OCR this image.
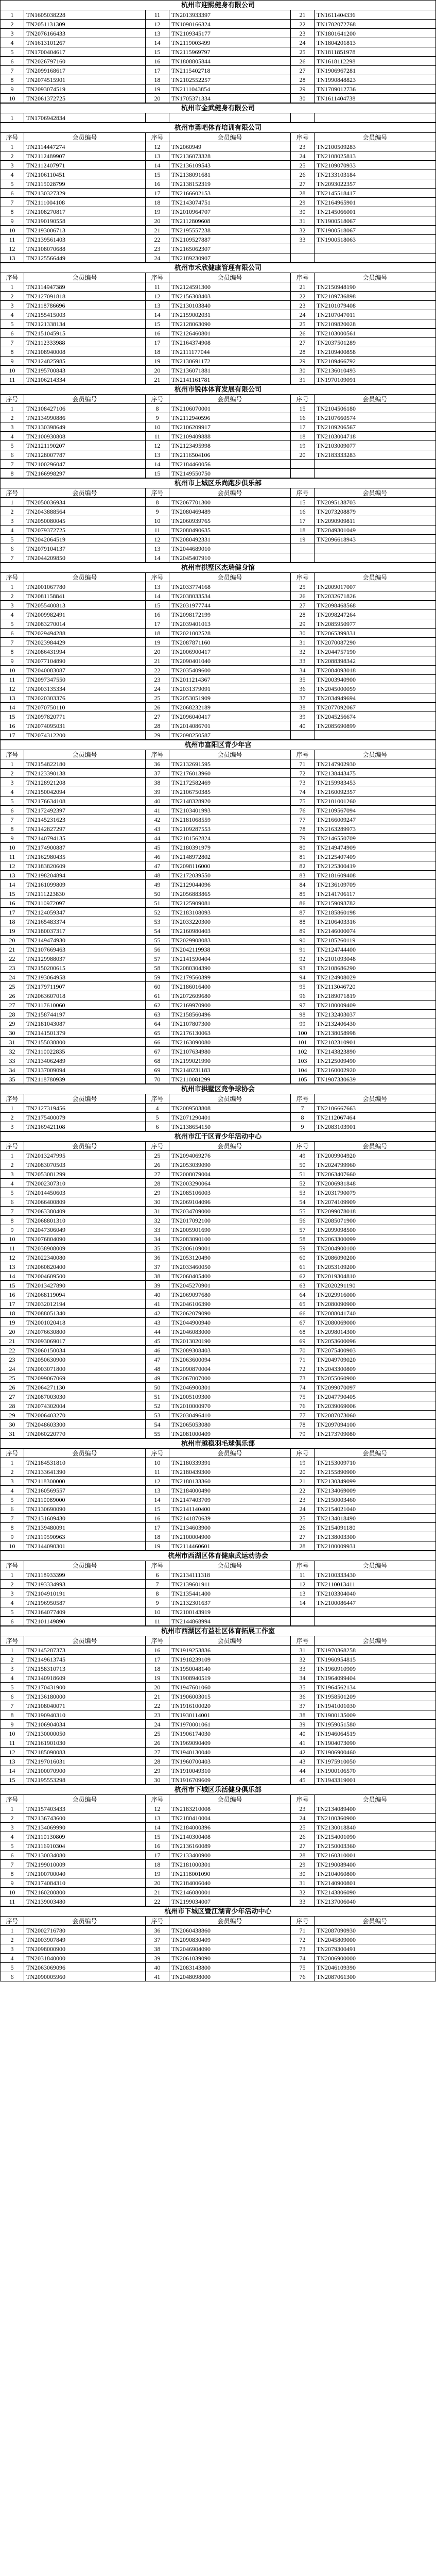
杭州市迎熙健身有限公司					
1	TN1605038228	11	TN2013933397	21	TN1611404336
2	TN2051131309	12	TN1090166324	22	TN1702072768
3	TN2076166433	13	TN2109345177	23	TN1801641200
4	TN1613101267	14	TN2119003499	24	TN1804201813
5	TN1700404617	15	TN2115969797	25	TN1811851978
6	TN2026797160	16	TN1808805844	26	TN1618112298
7	TN2099168617	17	TN2115402718	27	TN1906967281
8	TN2074515901	18	TN2102552257	28	TN1990848823
9	TN2093074519	19	TN2111043854	29	TN1709012736
10	TN2061372725	20	TN1705371334	30	TN1611404738
杭州市金武健身有限公司
1	TN1706942834				
杭州市勇吧体育培训有限公司					
序号	会员编号	序号	会员编号	序号	会员编号
1	TN2114447274	12	TN2060949	23	TN2100509283
2	TN2112489907	13	TN2136073328	24	TN2108025813
3	TN2112407971	14	TN2136109543	25	TN2109070933
4	TN2106110451	15	TN2138091681	26	TN2133103184
5	TN2115028799	16	TN2138152319	27	TN2093022357
6	TN2130327329	17	TN2166602153	28	TN2145518417
7	TN2111004108	18	TN2143074751	29	TN2164965901
8	TN2108270817	19	TN2010964707	30	TN2145066001
9	TN2190190558	20	TN2112809608	31	TN1900518067
10	TN2193006713	21	TN2195557238	32	TN1900518067
11	TN2139561403	22	TN2109527887	33	TN1900518063
12	TN2108070688	23	TN2165062307		
13	TN2125566449	24	TN2189230907		
杭州市禾欣健康管理有限公司					
序号	会员编号	序号	会员编号	序号	会员编号
1	TN2114947389	11	TN2124591300	21	TN2150948190
2	TN2127091818	12	TN2156308403	22	TN2109736898
3	TN2118786696	13	TN2130103840	23	TN2101079408
4	TN2155415003	14	TN2159002031	24	TN2107047011
5	TN2121338134	15	TN2128063090	25	TN2109820028
6	TN2151045915	16	TN2126460801	26	TN2103000561
7	TN2112333988	17	TN2164374908	27	TN2037501289
8	TN2108940008	18	TN2111177044	28	TN2109400858
9	TN2124825985	19	TN2130691172	29	TN2109466792
10	TN2195700843	20	TN2136071881	30	TN2136010493
11	TN2106214334	21	TN2141161781	31	TN1970109091
杭州市锐体体育发展有限公司					
序号	会员编号	序号	会员编号	序号	会员编号
1	TN2108427106	8	TN2106070001	15	TN2104506180
2	TN2134990886	9	TN2112940596	16	TN2107660574
3	TN2130398649	10	TN2106209917	17	TN2109206567
4	TN2100930808	11	TN2109409888	18	TN2103004718
5	TN2121190207	12	TN2123495998	19	TN2103009077
6	TN2128007787	13	TN2116504106	20	TN2183333283
7	TN2100296047	14	TN2184460056		
8	TN2166998297	15	TN2149550750		
杭州市上城区乐尚跑步俱乐部					
序号	会员编号	序号	会员编号	序号	会员编号
1	TN2050036934	8	TN2067701300	15	TN2095138703
2	TN2043888564	9	TN2080469489	16	TN2073208879
3	TN2050080045	10	TN2060939765	17	TN2090909811
4	TN2079372725	11	TN2080490635	18	TN2049301049
5	TN2042064519	12	TN2080492331	19	TN2096618943
6	TN2079104137	13	TN2044689010		
7	TN2044209850	14	TN2045407910		
杭州市拱墅区杰瑞健身馆					
序号	会员编号	序号	会员编号	序号	会员编号
1	TN2001067780	13	TN2033774168	25	TN2009017007
2	TN2081158841	14	TN2038033534	26	TN2032671826
3	TN2055400813	15	TN2031977744	27	TN2098468568
4	TN2009982491	16	TN2098172199	28	TN2098247264
5	TN2083270014	17	TN2039401013	29	TN2085950977
6	TN2029494288	18	TN2021002528	30	TN2065399331
7	TN2023984429	19	TN2087871160	31	TN2070087290
8	TN2086431994	20	TN2006900417	32	TN2044757190
9	TN2077104890	21	TN2090401040	33	TN2088398342
10	TN2040083087	22	TN2035409600	34	TN2084093018
11	TN2097347550	23	TN2011214367	35	TN2003940900
12	TN2003135334	24	TN2031379091	36	TN2045000059
13	TN2020303376	25	TN2053051909	37	TN2034949694
14	TN2070750110	26	TN2068232189	38	TN2077092067
15	TN2097820771	27	TN2096040417	39	TN2045256674
16	TN2074095031	28	TN2014086701	40	TN2085690899
17	TN2074312200	29	TN2098250587		
杭州市富阳区青少年宫					
序号	会员编号	序号	会员编号	序号	会员编号
1	TN2154822180	36	TN2132691595	71	TN2147902930
2	TN2123390138	37	TN2176013960	72	TN2138443475
3	TN2128921208	38	TN2172582469	73	TN2159983453
4	TN2150042094	39	TN2106750385	74	TN2160092357
5	TN2176634108	40	TN2148328920	75	TN2101001260
6	TN2172492397	41	TN2103401993	76	TN2109567094
7	TN2145231623	42	TN2181068559	77	TN2166009247
8	TN2142827297	43	TN2109287553	78	TN2163289973
9	TN2140794135	44	TN2181562824	79	TN2146550709
10	TN2174900887	45	TN2180391979	80	TN2149474909
11	TN2162980435	46	TN2148972802	81	TN2125407409
12	TN2183820609	47	TN2098116000	82	TN2125300419
13	TN2198204894	48	TN2172039550	83	TN2181609408
14	TN2161099809	49	TN2129044096	84	TN2136109709
15	TN2111223830	50	TN2056883865	85	TN2141706117
16	TN2110972097	51	TN2125909081	86	TN2159093782
17	TN2124059347	52	TN2183108093	87	TN2185860198
18	TN2165483374	53	TN2033220300	88	TN2106403316
19	TN2180037317	54	TN2160980403	89	TN2146000074
20	TN2149474930	55	TN2029908083	90	TN2185260119
21	TN2107669463	56	TN2042119938	91	TN2124744400
22	TN2129988037	57	TN2141590404	92	TN2101093048
23	TN2150200615	58	TN2080304390	93	TN2108686290
24	TN2193064958	59	TN2179560399	94	TN2124908029
25	TN2179711907	60	TN2186016400	95	TN2113046720
26	TN2063607018	61	TN2072609680	96	TN2189071819
27	TN2117610060	62	TN2169970900	97	TN2180009409
28	TN2158744197	63	TN2158560496	98	TN2132403037
29	TN2181043087	64	TN2107807300	99	TN2132406430
30	TN2141501379	65	TN2176130063	100	TN2138058998
31	TN2155038800	66	TN2163090080	101	TN2102310901
32	TN2110022835	67	TN2107634980	102	TN2143823890
33	TN2134062489	68	TN2199021990	103	TN2125009490
34	TN2137009094	69	TN2140231183	104	TN2160002920
35	TN2118780939	70	TN2110081299	105	TN1907330639
杭州市拱墅区竞争球协会					
序号	会员编号	序号	会员编号	序号	会员编号
1	TN2127319456	4	TN2089503808	7	TN2106667663
2	TN2175400079	5	TN2071290401	8	TN2112067464
3	TN2169421108	6	TN2138654150	9	TN2083103901
杭州市江干区青少年活动中心					
序号	会员编号	序号	会员编号	序号	会员编号
1	TN2013247995	25	TN2094069276	49	TN2009904920
2	TN2083070503	26	TN2053039090	50	TN2024799960
3	TN2053081299	27	TN2008079004	51	TN2063407660
4	TN2002307310	28	TN2003290064	52	TN2006981848
5	TN2014450603	29	TN2085106003	53	TN2031790079
6	TN2066400809	30	TN2069104096	54	TN2074109909
7	TN2063380409	31	TN2034709000	55	TN2099078018
8	TN2068801310	32	TN2017092100	56	TN2085071900
9	TN2047306049	33	TN2005901690	57	TN2099098500
10	TN2076804090	34	TN2083090100	58	TN2063300099
11	TN2038908009	35	TN2006109001	59	TN2004900100
12	TN2022340080	36	TN2053120490	60	TN2086090200
13	TN2060820400	37	TN2033460050	61	TN2053109200
14	TN2004609500	38	TN2060405400	62	TN2019304810
15	TN2013427890	39	TN2045270901	63	TN2020291190
16	TN2068119094	40	TN2069097680	64	TN2029916000
17	TN2032012194	41	TN2046106390	65	TN2080090900
18	TN2088051340	42	TN2062079090	66	TN2088041740
19	TN2001020418	43	TN2044900940	67	TN2080069000
20	TN2076630800	44	TN2046083000	68	TN2098014300
21	TN2093069017	45	TN2013020190	69	TN2053600096
22	TN2060150034	46	TN2089308403	70	TN2075400903
23	TN2050630900	47	TN2063600094	71	TN2049709020
24	TN2003071800	48	TN2090870004	72	TN2043300809
25	TN2099067069	49	TN2067007000	73	TN2055060900
26	TN2064271130	50	TN2046900301	74	TN2099070097
27	TN2087003030	51	TN2005109300	75	TN2047790405
28	TN2074302004	52	TN2010000970	76	TN2039069006
29	TN2006403270	53	TN2030496410	77	TN2087073060
30	TN2048603300	54	TN2065053080	78	TN2097094100
31	TN2060220770	55	TN2081000409	79	TN2173709080
杭州市越稳羽毛球俱乐部					
序号	会员编号	序号	会员编号	序号	会员编号
1	TN2184531810	10	TN2180339391	19	TN2153009710
2	TN2133641390	11	TN2180439300	20	TN2155890900
3	TN2118300000	12	TN2180133360	21	TN2130349099
4	TN2160569557	13	TN2184000490	22	TN2134069009
5	TN2110089000	14	TN2147403709	23	TN2150003460
6	TN2130690090	15	TN2141140400	24	TN2154021040
7	TN2131609430	16	TN2141870639	25	TN2134018490
8	TN2139480091	17	TN2134603900	26	TN2154091180
9	TN2119590963	18	TN2100004900	27	TN2138003300
10	TN2144090301	19	TN2114460601	28	TN2100009931
杭州市西湖区体育健康武运动协会					
序号	会员编号	序号	会员编号	序号	会员编号
1	TN2118933399	6	TN2134111318	11	TN2100333430
2	TN2193334993	7	TN2139601911	12	TN2110013411
3	TN2104910191	8	TN2135441400	13	TN2103304040
4	TN2196950587	9	TN2132301637	14	TN2100086447
5	TN2164077409	10	TN2100143919		
6	TN2101149890	11	TN2144868994		
杭州市西湖区有益社区体育拓展工作室					
序号	会员编号	序号	会员编号	序号	会员编号
1	TN2145287373	16	TN1919253836	31	TN1970368258
2	TN2149613745	17	TN1918239109	32	TN1960954815
3	TN2158310713	18	TN1950048140	33	TN1960910909
4	TN2140918609	19	TN1908940519	34	TN1964099404
5	TN2170431900	20	TN1947601060	35	TN1964562134
6	TN2136180000	21	TN1906003015	36	TN1958501209
7	TN2108040071	22	TN1916100020	37	TN1941001030
8	TN2190940310	23	TN1930114001	38	TN1900135009
9	TN2106904034	24	TN1970001061	39	TN1959051580
10	TN2130000050	25	TN1906174030	40	TN1946064519
11	TN2161901030	26	TN1969090409	41	TN1904073090
12	TN2185090083	27	TN1940130040	42	TN1906900460
13	TN2197016031	28	TN1960700403	43	TN1975910050
14	TN2100070900	29	TN1910049310	44	TN1900106570
15	TN2195553298	30	TN1916709609	45	TN1943319001
杭州市下城区乐活健身俱乐部					
序号	会员编号	序号	会员编号	序号	会员编号
1	TN2157403433	12	TN2183210008	23	TN2134089400
2	TN2136743600	13	TN2180410004	24	TN2100360900
3	TN2134069990	14	TN2184000396	25	TN2130018840
4	TN2110130809	15	TN2140300408	26	TN2154001090
5	TN2116910304	16	TN2136160089	27	TN2150003360
6	TN2130034080	17	TN2133400900	28	TN2160310001
7	TN2199010009	18	TN2181000301	29	TN2190089400
8	TN2100700040	19	TN2118001090	30	TN2104060800
9	TN2174084310	20	TN2184006040	31	TN2140900801
10	TN2160200800	21	TN2146080001	32	TN2143806090
11	TN2139003480	22	TN2199034007	33	TN2137006040
杭州市下城区暨江湖青少年活动中心					
序号	会员编号	序号	会员编号	序号	会员编号
1	TN2002716780	36	TN2060438860	71	TN2087090930
2	TN2003907849	37	TN2090830409	72	TN2045809000
3	TN2098000900	38	TN2046904090	73	TN2079300491
4	TN2031840000	39	TN2061039090	74	TN2006900000
5	TN2063069096	40	TN2083143800	75	TN2046109390
6	TN2090005960	41	TN2048098000	76	TN2087061300
